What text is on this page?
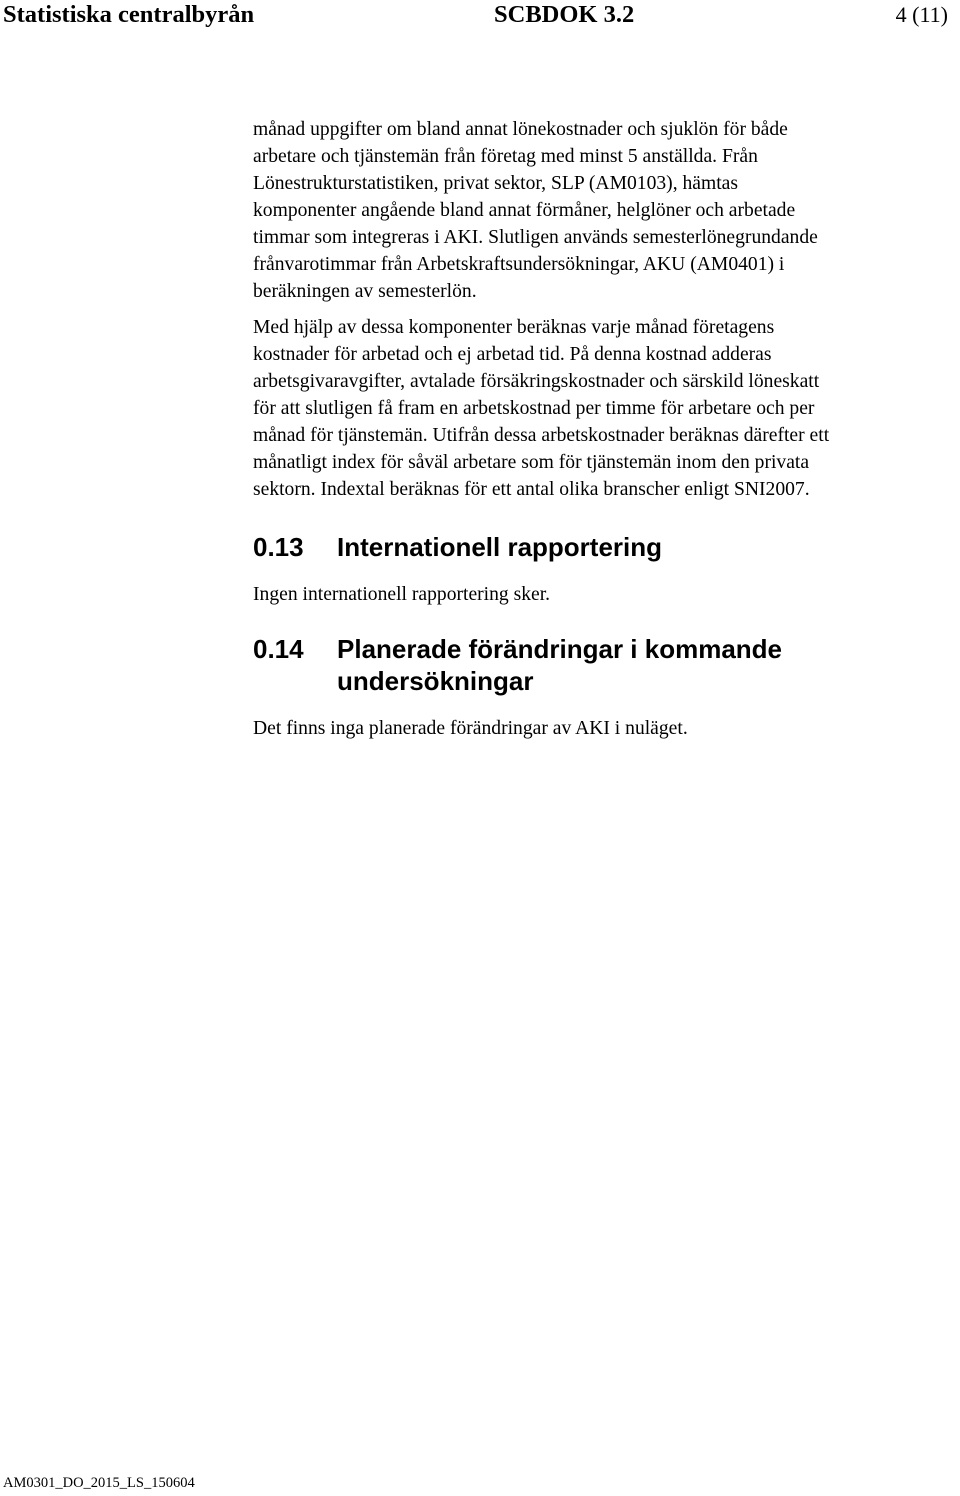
Statistiska centralbyrån	SCBDOK 3.2	4 (11)

månad uppgifter om bland annat lönekostnader och sjuklön för både
arbetare och tjänstemän från företag med minst 5 anställda. Från
Lönestrukturstatistiken, privat sektor, SLP (AM0103), hämtas
komponenter angående bland annat förmåner, helglöner och arbetade
timmar som integreras i AKI. Slutligen används semesterlönegrundande
frånvarotimmar från Arbetskraftsundersökningar, AKU (AM0401) i
beräkningen av semesterlön.

Med hjälp av dessa komponenter beräknas varje månad företagens
kostnader för arbetad och ej arbetad tid. På denna kostnad adderas
arbetsgivaravgifter, avtalade försäkringskostnader och särskild löneskatt
för att slutligen få fram en arbetskostnad per timme för arbetare och per
månad för tjänstemän. Utifrån dessa arbetskostnader beräknas därefter ett
månatligt index för såväl arbetare som för tjänstemän inom den privata
sektorn. Indextal beräknas för ett antal olika branscher enligt SNI2007.

0.13 Internationell rapportering

Ingen internationell rapportering sker.

0.14 Planerade förändringar i kommande
undersökningar

Det finns inga planerade förändringar av AKI i nuläget.

AM0301_DO_2015_LS_150604
